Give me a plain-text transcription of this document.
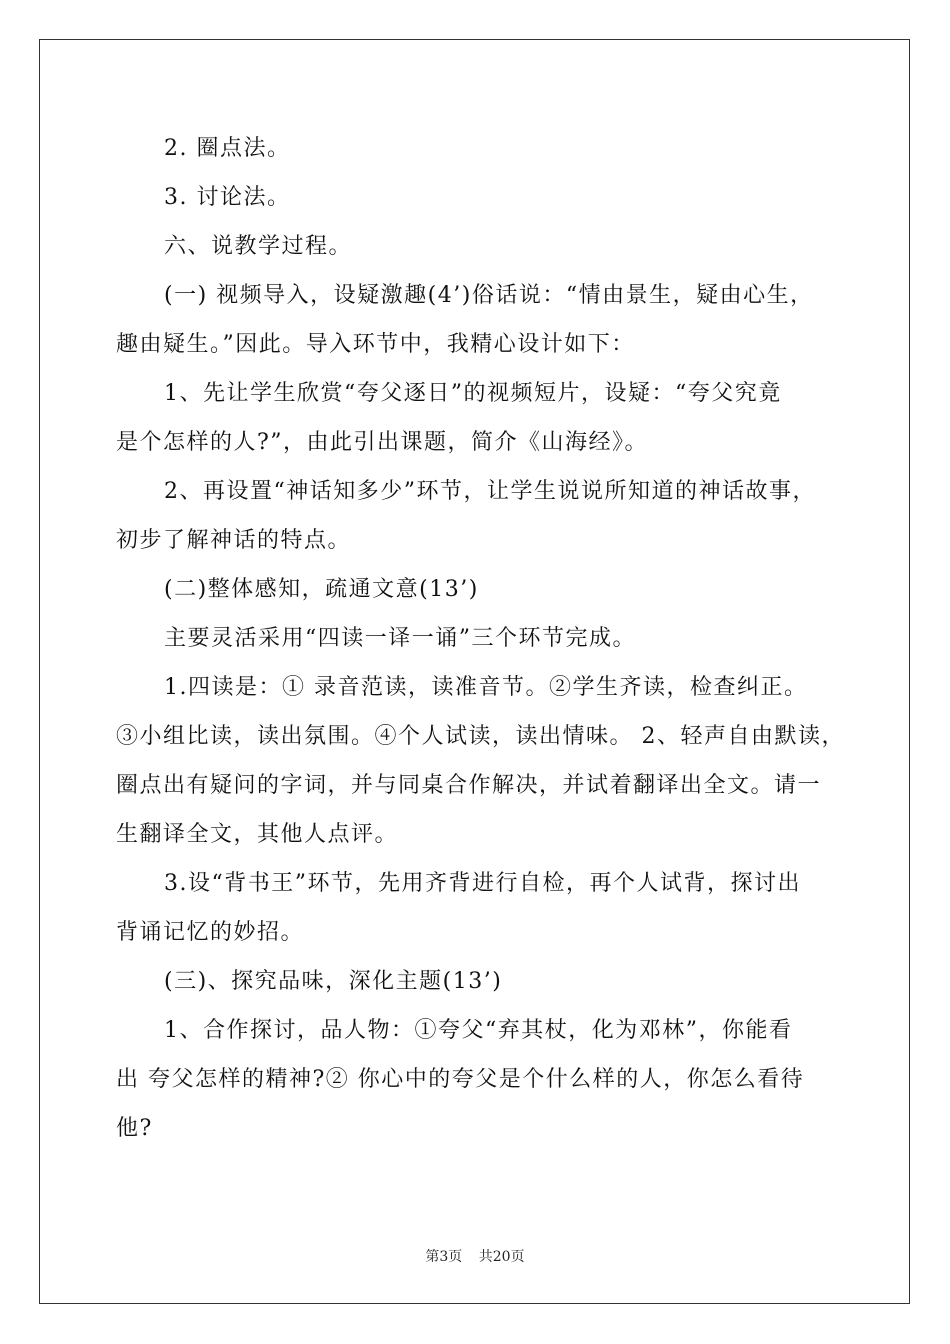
2. 圈点法。
3. 讨论法。
六、说教学过程。
(一) 视频导入，设疑激趣(4’)俗话说：“情由景生，疑由心生，
趣由疑生。”因此。导入环节中，我精心设计如下：
1、先让学生欣赏“夸父逐日”的视频短片，设疑：“夸父究竟
是个怎样的人?”，由此引出课题，简介《山海经》。
2、再设置“神话知多少”环节，让学生说说所知道的神话故事，
初步了解神话的特点。
(二)整体感知，疏通文意(13’)
主要灵活采用“四读一译一诵”三个环节完成。
1.四读是：① 录音范读，读准音节。②学生齐读，检查纠正。
③小组比读，读出氛围。④个人试读，读出情味。 2、轻声自由默读，
圈点出有疑问的字词，并与同桌合作解决，并试着翻译出全文。请一
生翻译全文，其他人点评。
3.设“背书王”环节，先用齐背进行自检，再个人试背，探讨出
背诵记忆的妙招。
(三)、探究品味，深化主题(13’)
1、合作探讨，品人物：①夸父“弃其杖，化为邓林”，你能看
出 夸父怎样的精神?② 你心中的夸父是个什么样的人，你怎么看待
他?
第3页 共20页
